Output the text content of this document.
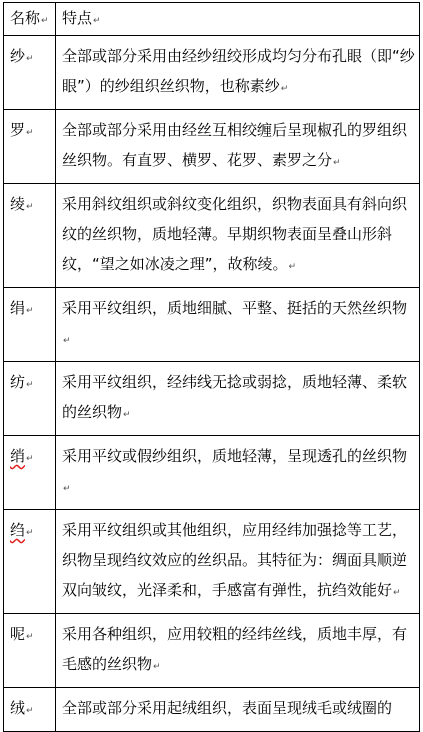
名称↵	特点↵
纱↵	全部或部分采用由经纱纽绞形成均匀分布孔眼（即“纱眼”）的纱组织丝织物，也称素纱↵
罗↵	全部或部分采用由经丝互相绞缠后呈现椒孔的罗组织丝织物。有直罗、横罗、花罗、素罗之分↵
绫↵	采用斜纹组织或斜纹变化组织，织物表面具有斜向织纹的丝织物，质地轻薄。早期织物表面呈叠山形斜纹，“望之如冰凌之理”，故称绫。↵
绢↵	采用平纹组织，质地细腻、平整、挺括的天然丝织物↵
纺↵	采用平纹组织，经纬线无捻或弱捻，质地轻薄、柔软的丝织物↵
绡↵	采用平纹或假纱组织，质地轻薄，呈现透孔的丝织物↵
绉↵	采用平纹组织或其他组织，应用经纬加强捻等工艺，织物呈现绉纹效应的丝织品。其特征为：绸面具顺逆双向皱纹，光泽柔和，手感富有弹性，抗绉效能好↵
呢↵	采用各种组织，应用较粗的经纬丝线，质地丰厚，有毛感的丝织物↵
绒↵	全部或部分采用起绒组织，表面呈现绒毛或绒圈的
